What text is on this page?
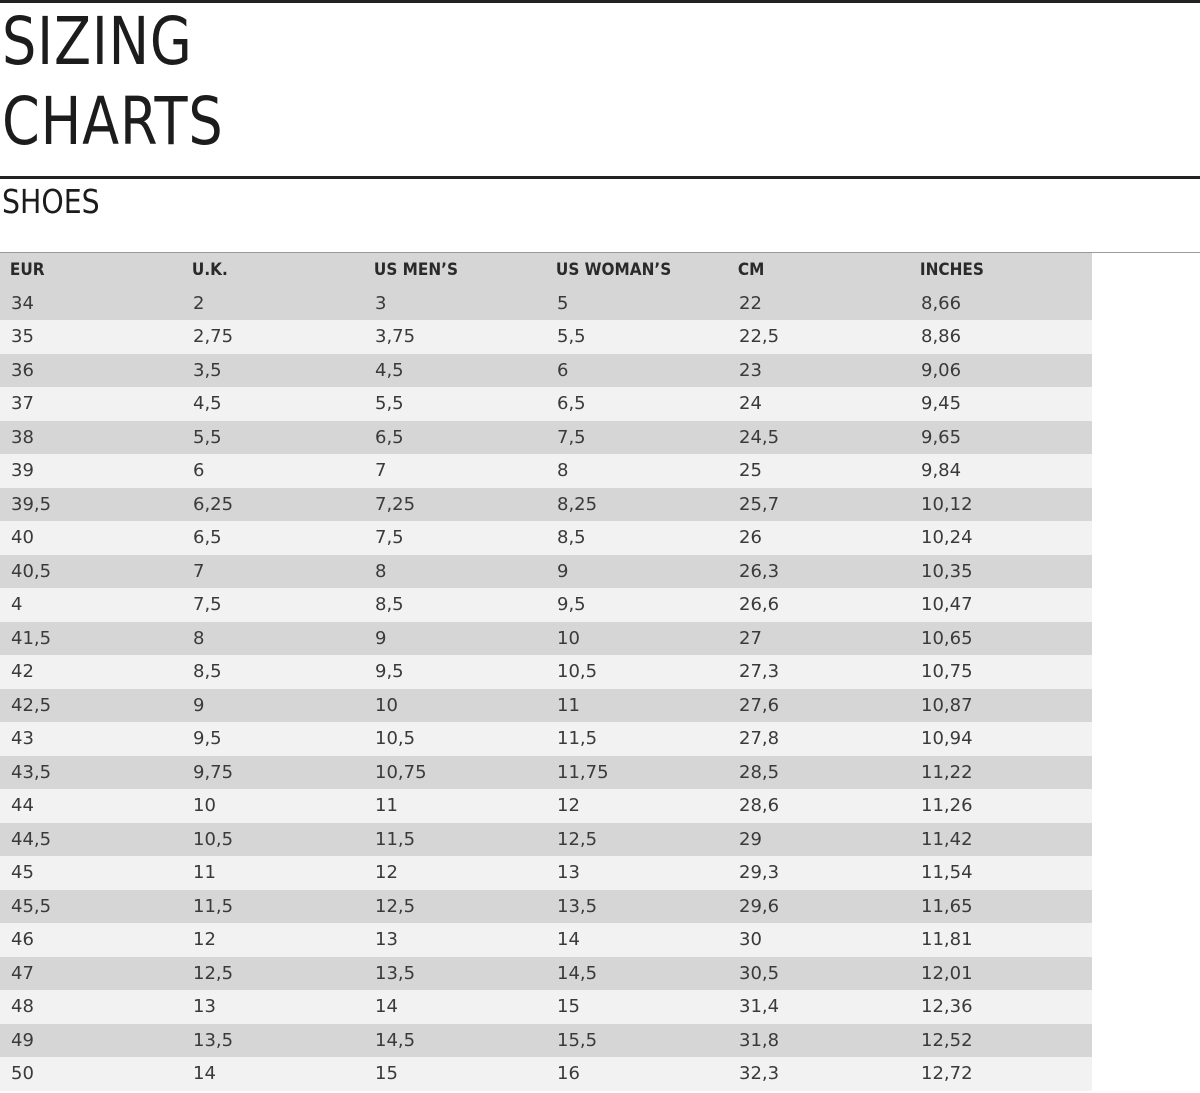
SIZING
CHARTS
SHOES
EUR	U.K.	US MEN’S	US WOMAN’S	CM	INCHES
34	2	3	5	22	8,66
35	2,75	3,75	5,5	22,5	8,86
36	3,5	4,5	6	23	9,06
37	4,5	5,5	6,5	24	9,45
38	5,5	6,5	7,5	24,5	9,65
39	6	7	8	25	9,84
39,5	6,25	7,25	8,25	25,7	10,12
40	6,5	7,5	8,5	26	10,24
40,5	7	8	9	26,3	10,35
4	7,5	8,5	9,5	26,6	10,47
41,5	8	9	10	27	10,65
42	8,5	9,5	10,5	27,3	10,75
42,5	9	10	11	27,6	10,87
43	9,5	10,5	11,5	27,8	10,94
43,5	9,75	10,75	11,75	28,5	11,22
44	10	11	12	28,6	11,26
44,5	10,5	11,5	12,5	29	11,42
45	11	12	13	29,3	11,54
45,5	11,5	12,5	13,5	29,6	11,65
46	12	13	14	30	11,81
47	12,5	13,5	14,5	30,5	12,01
48	13	14	15	31,4	12,36
49	13,5	14,5	15,5	31,8	12,52
50	14	15	16	32,3	12,72
